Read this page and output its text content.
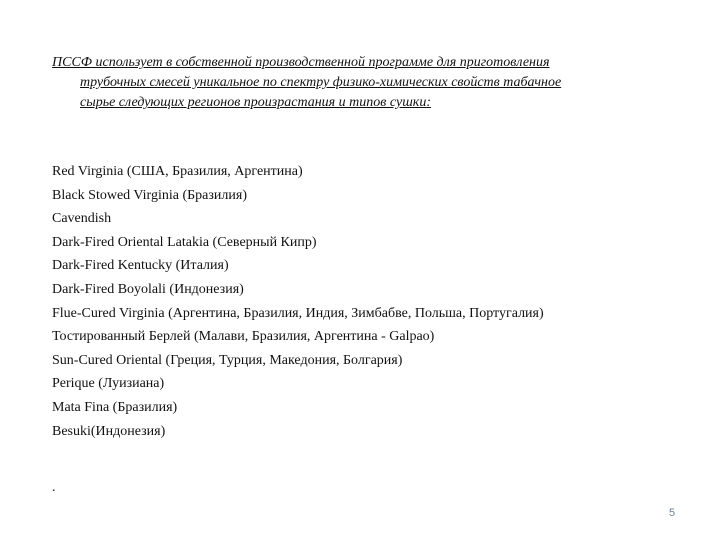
ПССФ использует в собственной производственной программе для приготовления
трубочных смесей уникальное по спектру физико-химических свойств табачное
сырье следующих регионов произрастания и типов сушки:
Red Virginia (США, Бразилия, Аргентина)
Black Stowed Virginia (Бразилия)
Cavendish
Dark-Fired Oriental Latakia (Северный Кипр)
Dark-Fired Kentucky (Италия)
Dark-Fired Boyolali (Индонезия)
Flue-Cured Virginia (Аргентина, Бразилия, Индия, Зимбабве, Польша, Португалия)
Тостированный Берлей (Малави, Бразилия, Аргентина - Galpao)
Sun-Cured Oriental (Греция, Турция, Македония, Болгария)
Perique (Луизиана)
Mata Fina (Бразилия)
Besuki(Индонезия)
.
5
